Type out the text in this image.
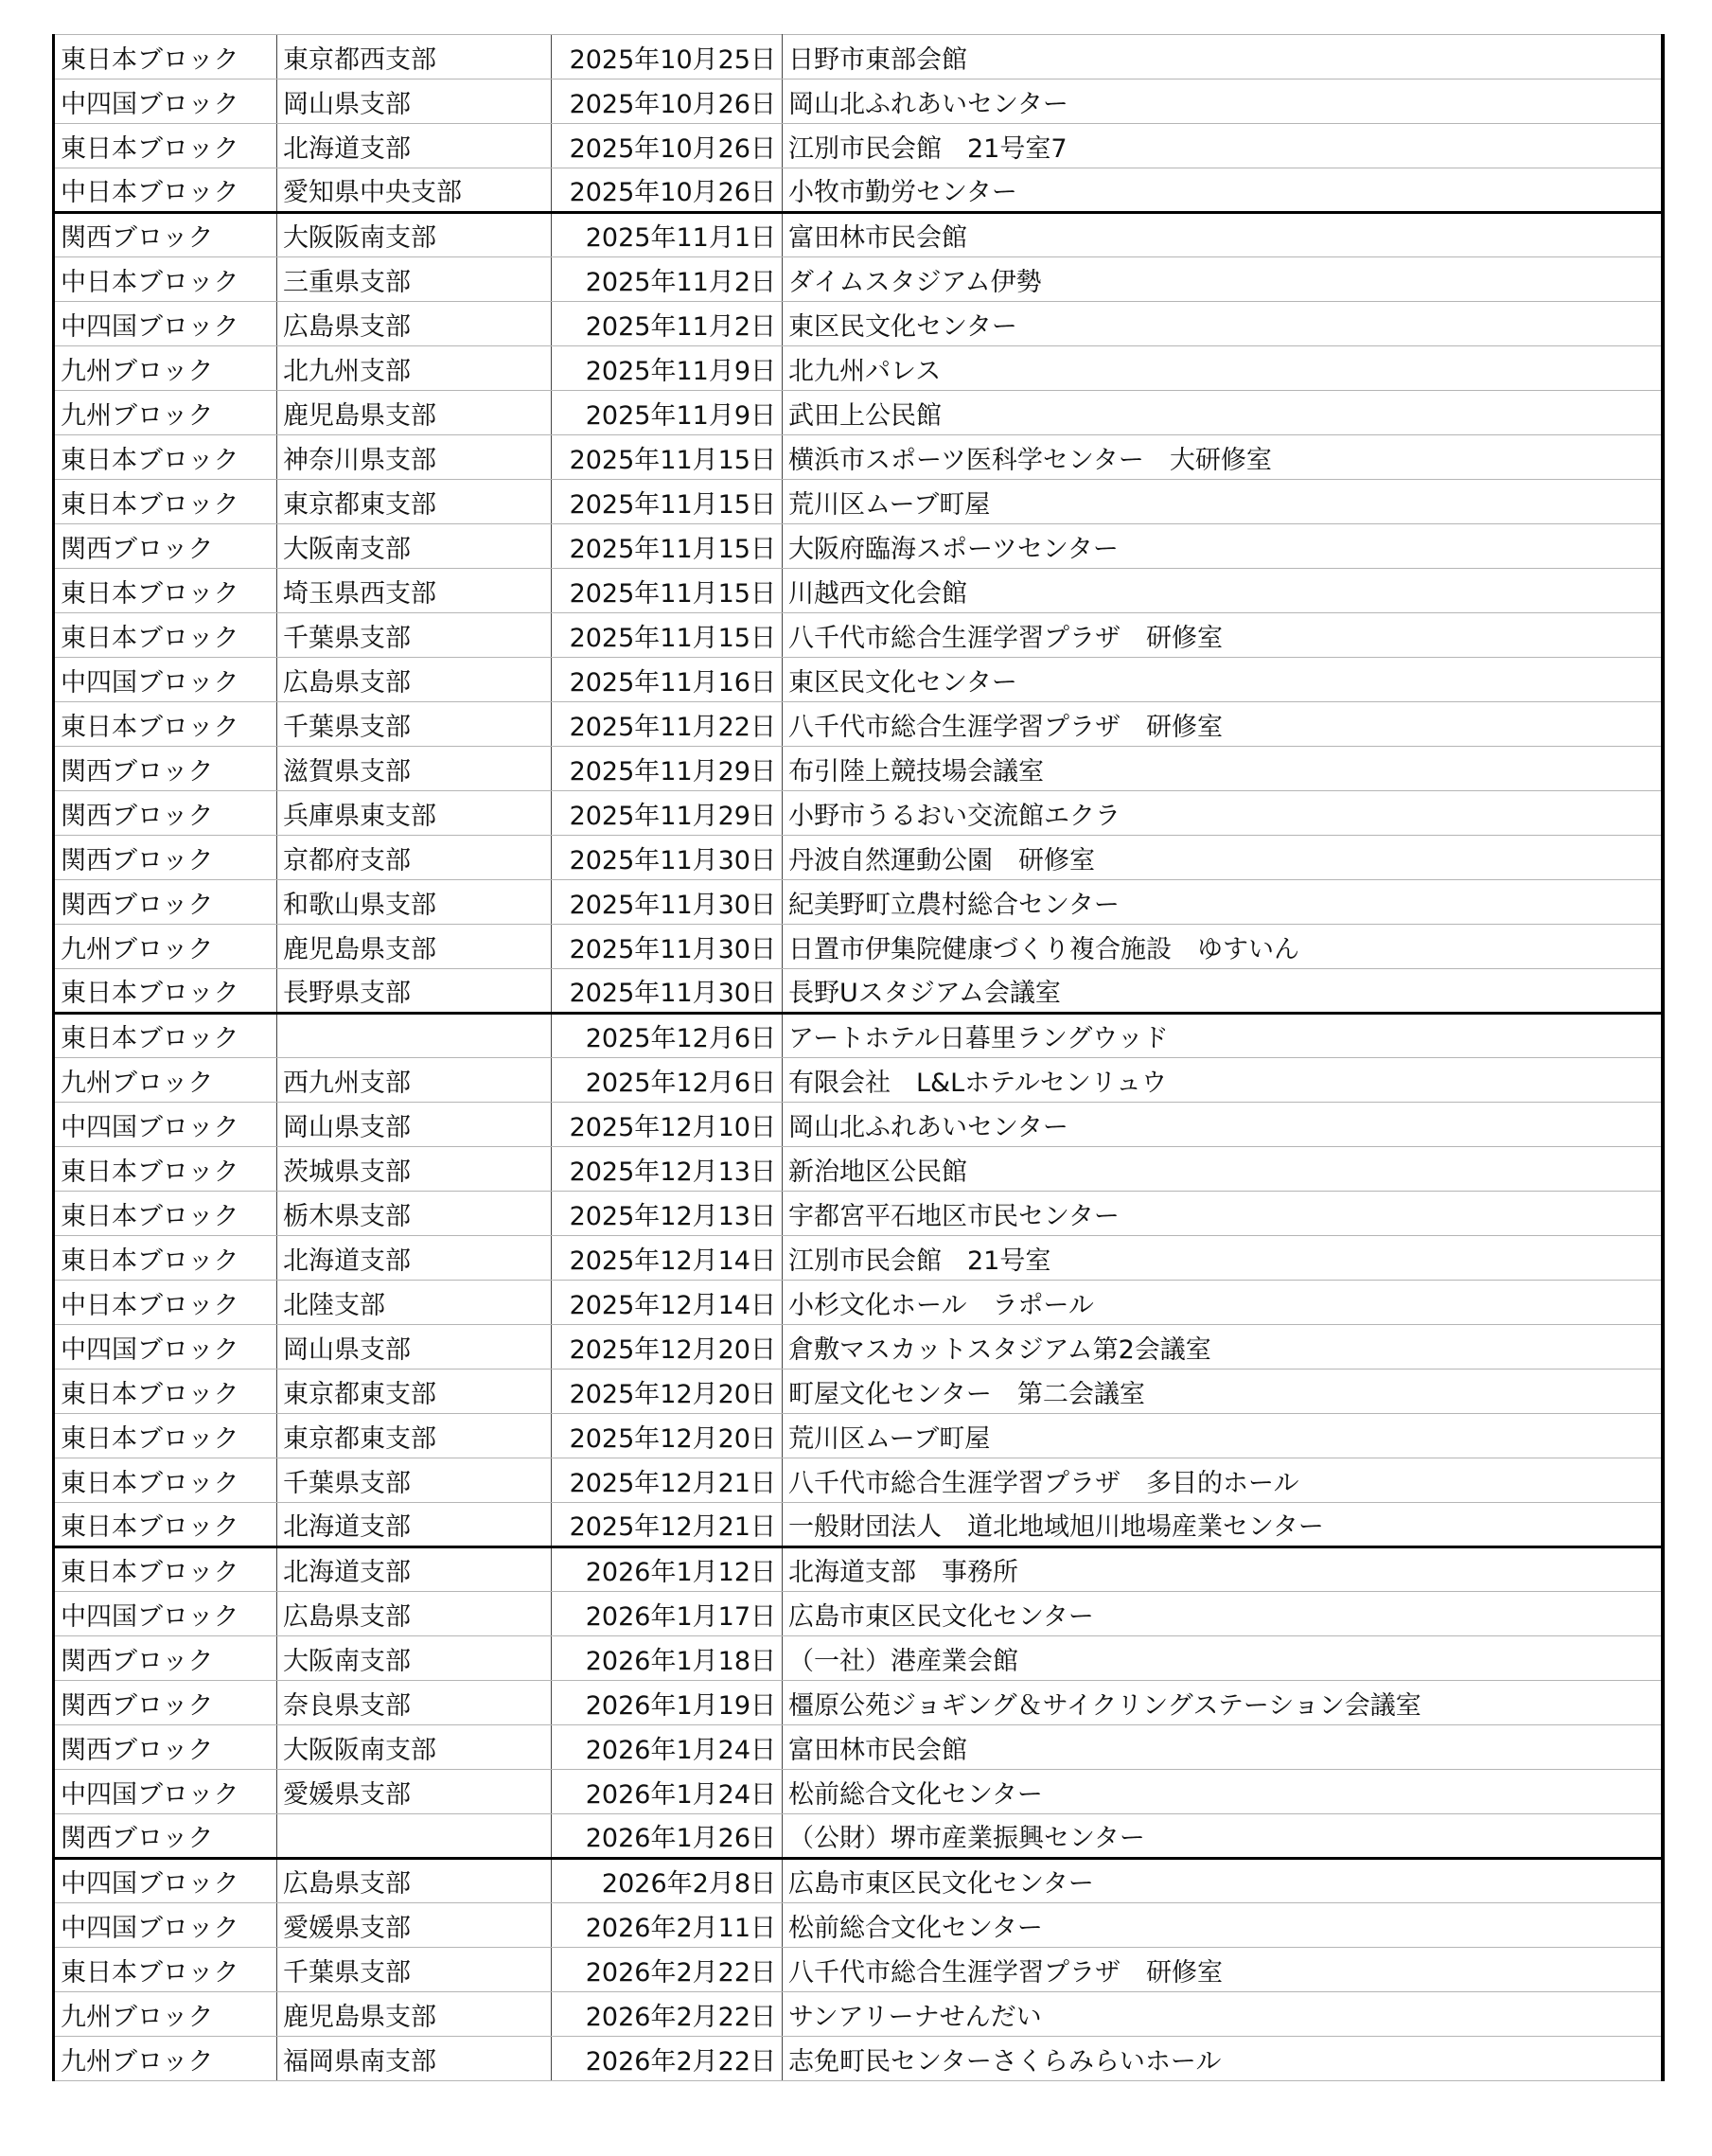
東日本ブロック	東京都西支部	2025年10月25日	日野市東部会館
中四国ブロック	岡山県支部	2025年10月26日	岡山北ふれあいセンター
東日本ブロック	北海道支部	2025年10月26日	江別市民会館　21号室7
中日本ブロック	愛知県中央支部	2025年10月26日	小牧市勤労センター
関西ブロック	大阪阪南支部	2025年11月1日	富田林市民会館
中日本ブロック	三重県支部	2025年11月2日	ダイムスタジアム伊勢
中四国ブロック	広島県支部	2025年11月2日	東区民文化センター
九州ブロック	北九州支部	2025年11月9日	北九州パレス
九州ブロック	鹿児島県支部	2025年11月9日	武田上公民館
東日本ブロック	神奈川県支部	2025年11月15日	横浜市スポーツ医科学センター　大研修室
東日本ブロック	東京都東支部	2025年11月15日	荒川区ムーブ町屋
関西ブロック	大阪南支部	2025年11月15日	大阪府臨海スポーツセンター
東日本ブロック	埼玉県西支部	2025年11月15日	川越西文化会館
東日本ブロック	千葉県支部	2025年11月15日	八千代市総合生涯学習プラザ　研修室
中四国ブロック	広島県支部	2025年11月16日	東区民文化センター
東日本ブロック	千葉県支部	2025年11月22日	八千代市総合生涯学習プラザ　研修室
関西ブロック	滋賀県支部	2025年11月29日	布引陸上競技場会議室
関西ブロック	兵庫県東支部	2025年11月29日	小野市うるおい交流館エクラ
関西ブロック	京都府支部	2025年11月30日	丹波自然運動公園　研修室
関西ブロック	和歌山県支部	2025年11月30日	紀美野町立農村総合センター
九州ブロック	鹿児島県支部	2025年11月30日	日置市伊集院健康づくり複合施設　ゆすいん
東日本ブロック	長野県支部	2025年11月30日	長野Uスタジアム会議室
東日本ブロック		2025年12月6日	アートホテル日暮里ラングウッド
九州ブロック	西九州支部	2025年12月6日	有限会社　L&Lホテルセンリュウ
中四国ブロック	岡山県支部	2025年12月10日	岡山北ふれあいセンター
東日本ブロック	茨城県支部	2025年12月13日	新治地区公民館
東日本ブロック	栃木県支部	2025年12月13日	宇都宮平石地区市民センター
東日本ブロック	北海道支部	2025年12月14日	江別市民会館　21号室
中日本ブロック	北陸支部	2025年12月14日	小杉文化ホール　ラポール
中四国ブロック	岡山県支部	2025年12月20日	倉敷マスカットスタジアム第2会議室
東日本ブロック	東京都東支部	2025年12月20日	町屋文化センター　第二会議室
東日本ブロック	東京都東支部	2025年12月20日	荒川区ムーブ町屋
東日本ブロック	千葉県支部	2025年12月21日	八千代市総合生涯学習プラザ　多目的ホール
東日本ブロック	北海道支部	2025年12月21日	一般財団法人　道北地域旭川地場産業センター
東日本ブロック	北海道支部	2026年1月12日	北海道支部　事務所
中四国ブロック	広島県支部	2026年1月17日	広島市東区民文化センター
関西ブロック	大阪南支部	2026年1月18日	（一社）港産業会館
関西ブロック	奈良県支部	2026年1月19日	橿原公苑ジョギング＆サイクリングステーション会議室
関西ブロック	大阪阪南支部	2026年1月24日	富田林市民会館
中四国ブロック	愛媛県支部	2026年1月24日	松前総合文化センター
関西ブロック		2026年1月26日	（公財）堺市産業振興センター
中四国ブロック	広島県支部	2026年2月8日	広島市東区民文化センター
中四国ブロック	愛媛県支部	2026年2月11日	松前総合文化センター
東日本ブロック	千葉県支部	2026年2月22日	八千代市総合生涯学習プラザ　研修室
九州ブロック	鹿児島県支部	2026年2月22日	サンアリーナせんだい
九州ブロック	福岡県南支部	2026年2月22日	志免町民センターさくらみらいホール
